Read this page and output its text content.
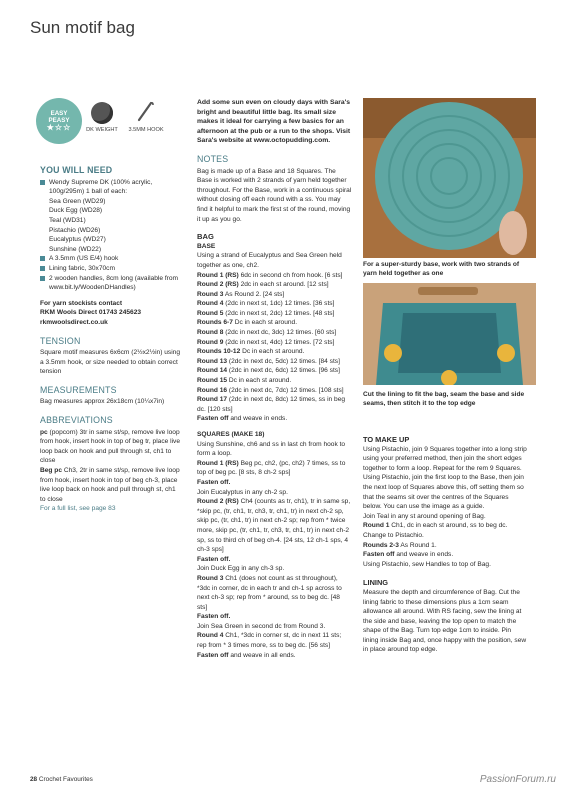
Sun motif bag
EASY
PEASY
★☆☆	DK WEIGHT	3.5MM HOOK
YOU WILL NEED
Wendy Supreme DK (100% acrylic, 100g/295m) 1 ball of each:

Sea Green (WD29)

Duck Egg (WD28)

Teal (WD31)

Pistachio (WD26)

Eucalyptus (WD27)

Sunshine (WD22)

A 3.5mm (US E/4) hook
Lining fabric, 30x70cm
2 wooden handles, 8cm long (available from www.bit.ly/WoodenDHandles)

For yarn stockists contact

RKM Wools Direct 01743 245623

rkmwoolsdirect.co.uk

TENSION

Square motif measures 6x6cm (2½x2½in) using a 3.5mm hook, or size needed to obtain correct tension

MEASUREMENTS

Bag measures approx 26x18cm (10¼x7in)

ABBREVIATIONS

pc (popcorn) 3tr in same st/sp, remove live loop from hook, insert hook in top of beg tr, place live loop back on hook and pull through st, ch1 to close

Beg pc Ch3, 2tr in same st/sp, remove live loop from hook, insert hook in top of beg ch-3, place live loop back on hook and pull through st, ch1 to close

For a full list, see page 83

Add some sun even on cloudy days with Sara's bright and beautiful little bag. Its small size makes it ideal for carrying a few basics for an afternoon at the pub or a run to the shops. Visit Sara's website at www.octopudding.com.

NOTES

Bag is made up of a Base and 18 Squares. The Base is worked with 2 strands of yarn held together throughout. For the Base, work in a continuous spiral without closing off each round with a ss. You may find it helpful to mark the first st of the round, moving it up as you go.

BAG
BASE

Using a strand of Eucalyptus and Sea Green held together as one, ch2.

Round 1 (RS) 6dc in second ch from hook. [6 sts]

Round 2 (RS) 2dc in each st around. [12 sts]

Round 3 As Round 2. [24 sts]

Round 4 (2dc in next st, 1dc) 12 times. [36 sts]

Round 5 (2dc in next st, 2dc) 12 times. [48 sts]

Rounds 6-7 Dc in each st around.

Round 8 (2dc in next dc, 3dc) 12 times. [60 sts]

Round 9 (2dc in next st, 4dc) 12 times. [72 sts]

Rounds 10-12 Dc in each st around.

Round 13 (2dc in next dc, 5dc) 12 times. [84 sts]

Round 14 (2dc in next dc, 6dc) 12 times. [96 sts]

Round 15 Dc in each st around.

Round 16 (2dc in next dc, 7dc) 12 times. [108 sts]

Round 17 (2dc in next dc, 8dc) 12 times, ss in beg dc. [120 sts]

Fasten off and weave in ends.

SQUARES (MAKE 18)

Using Sunshine, ch6 and ss in last ch from hook to form a loop.

Round 1 (RS) Beg pc, ch2, (pc, ch2) 7 times, ss to top of beg pc. [8 sts, 8 ch-2 sps]

Fasten off.

Join Eucalyptus in any ch-2 sp.

Round 2 (RS) Ch4 (counts as tr, ch1), tr in same sp, *skip pc, (tr, ch1, tr, ch3, tr, ch1, tr) in next ch-2 sp, skip pc, (tr, ch1, tr) in next ch-2 sp; rep from * twice more, skip pc, (tr, ch1, tr, ch3, tr, ch1, tr) in next ch-2 sp, ss to third ch of beg ch-4. [24 sts, 12 ch-1 sps, 4 ch-3 sps]

Fasten off.

Join Duck Egg in any ch-3 sp.

Round 3 Ch1 (does not count as st throughout), *3dc in corner, dc in each tr and ch-1 sp across to next ch-3 sp; rep from * around, ss to beg dc. [48 sts]

Fasten off.

Join Sea Green in second dc from Round 3.

Round 4 Ch1, *3dc in corner st, dc in next 11 sts; rep from * 3 times more, ss to beg dc. [56 sts]

Fasten off and weave in all ends.

For a super-sturdy base, work with two strands of yarn held together as one
Cut the lining to fit the bag, seam the base and side seams, then stitch it to the top edge
TO MAKE UP

Using Pistachio, join 9 Squares together into a long strip using your preferred method, then join the short edges together to form a loop. Repeat for the rem 9 Squares.

Using Pistachio, join the first loop to the Base, then join the next loop of Squares above this, off setting them so that the seams sit over the centres of the Squares below. You can use the image as a guide.

Join Teal in any st around opening of Bag.

Round 1 Ch1, dc in each st around, ss to beg dc. Change to Pistachio.

Rounds 2-3 As Round 1.

Fasten off and weave in ends.

Using Pistachio, sew Handles to top of Bag.

LINING

Measure the depth and circumference of Bag. Cut the lining fabric to these dimensions plus a 1cm seam allowance all around. With RS facing, sew the lining at the side and base, leaving the top open to match the shape of the Bag. Turn top edge 1cm to inside. Pin lining inside Bag and, once happy with the position, sew in place around top edge.

28 Crochet Favourites	PassionForum.ru
